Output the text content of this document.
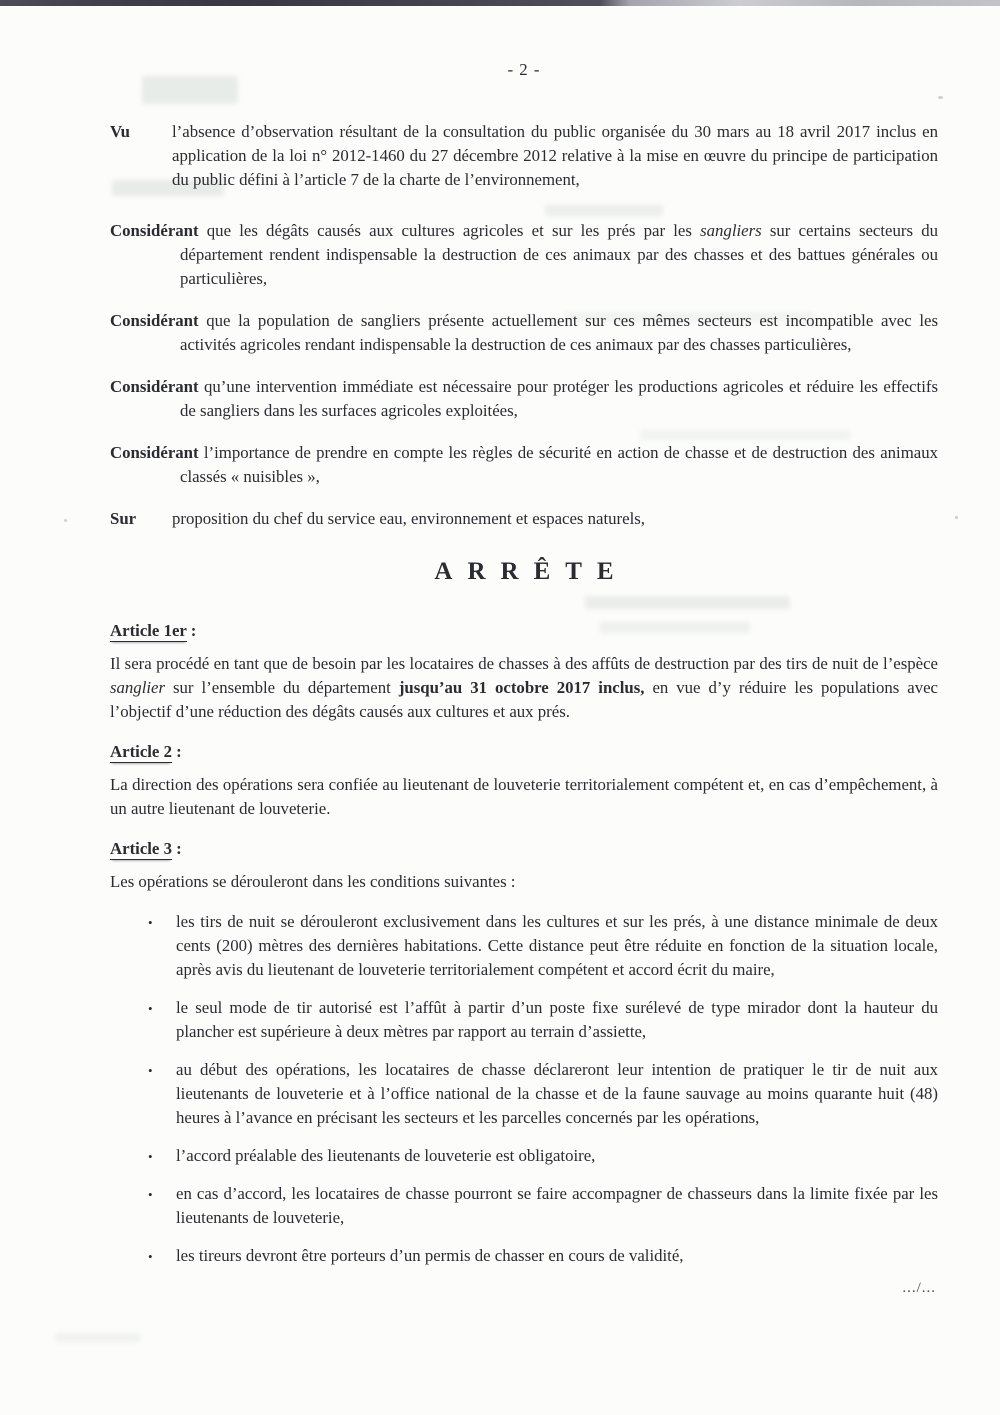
- 2 -
Vu	l’absence d’observation résultant de la consultation du public organisée du 30 mars au 18 avril 2017 inclus en application de la loi n° 2012-1460 du 27 décembre 2012 relative à la mise en œuvre du principe de participation du public défini à l’article 7 de la charte de l’environnement,
Considérant que les dégâts causés aux cultures agricoles et sur les prés par les sangliers sur certains secteurs du département rendent indispensable la destruction de ces animaux par des chasses et des battues générales ou particulières,
Considérant que la population de sangliers présente actuellement sur ces mêmes secteurs est incompatible avec les activités agricoles rendant indispensable la destruction de ces animaux par des chasses particulières,
Considérant qu’une intervention immédiate est nécessaire pour protéger les productions agricoles et réduire les effectifs de sangliers dans les surfaces agricoles exploitées,
Considérant l’importance de prendre en compte les règles de sécurité en action de chasse et de destruction des animaux classés « nuisibles »,
Sur proposition du chef du service eau, environnement et espaces naturels,
ARRÊTE
Article 1er :
Il sera procédé en tant que de besoin par les locataires de chasses à des affûts de destruction par des tirs de nuit de l’espèce sanglier sur l’ensemble du département jusqu’au 31 octobre 2017 inclus, en vue d’y réduire les populations avec l’objectif d’une réduction des dégâts causés aux cultures et aux prés.
Article 2 :
La direction des opérations sera confiée au lieutenant de louveterie territorialement compétent et, en cas d’empêchement, à un autre lieutenant de louveterie.
Article 3 :
Les opérations se dérouleront dans les conditions suivantes :
• les tirs de nuit se dérouleront exclusivement dans les cultures et sur les prés, à une distance minimale de deux cents (200) mètres des dernières habitations. Cette distance peut être réduite en fonction de la situation locale, après avis du lieutenant de louveterie territorialement compétent et accord écrit du maire,
• le seul mode de tir autorisé est l’affût à partir d’un poste fixe surélevé de type mirador dont la hauteur du plancher est supérieure à deux mètres par rapport au terrain d’assiette,
• au début des opérations, les locataires de chasse déclareront leur intention de pratiquer le tir de nuit aux lieutenants de louveterie et à l’office national de la chasse et de la faune sauvage au moins quarante huit (48) heures à l’avance en précisant les secteurs et les parcelles concernés par les opérations,
• l’accord préalable des lieutenants de louveterie est obligatoire,
• en cas d’accord, les locataires de chasse pourront se faire accompagner de chasseurs dans la limite fixée par les lieutenants de louveterie,
• les tireurs devront être porteurs d’un permis de chasser en cours de validité,
.../...
